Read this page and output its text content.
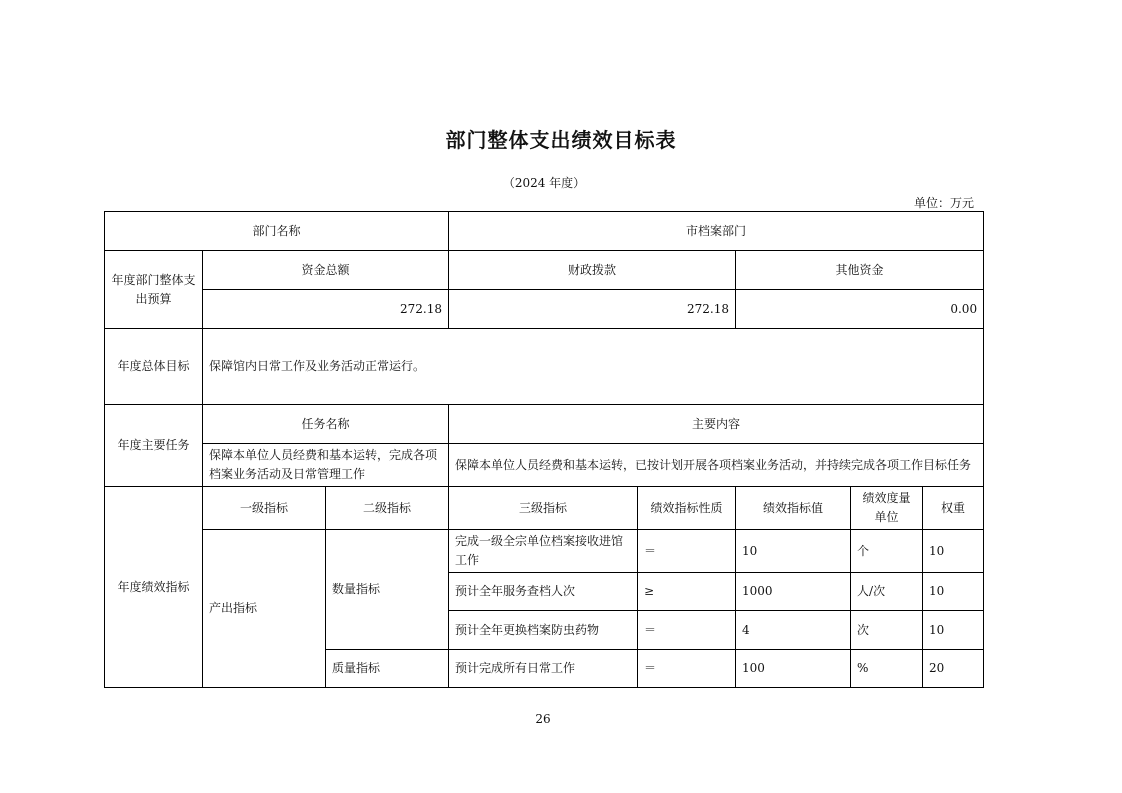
部门整体支出绩效目标表
（2024 年度）
单位：万元
部门名称			市档案部门				
年度部门整体支出预算	资金总额		财政拨款		其他资金		
	272.18		272.18		0.00		
年度总体目标	保障馆内日常工作及业务活动正常运行。						
年度主要任务	任务名称		主要内容				
	保障本单位人员经费和基本运转，完成各项档案业务活动及日常管理工作		保障本单位人员经费和基本运转，已按计划开展各项档案业务活动，并持续完成各项工作目标任务				
年度绩效指标	一级指标	二级指标	三级指标	绩效指标性质	绩效指标值	绩效度量单位	权重
	产出指标	数量指标	完成一级全宗单位档案接收进馆工作	＝	10	个	10
			预计全年服务查档人次	≥	1000	人/次	10
			预计全年更换档案防虫药物	＝	4	次	10
		质量指标	预计完成所有日常工作	＝	100	%	20
26
